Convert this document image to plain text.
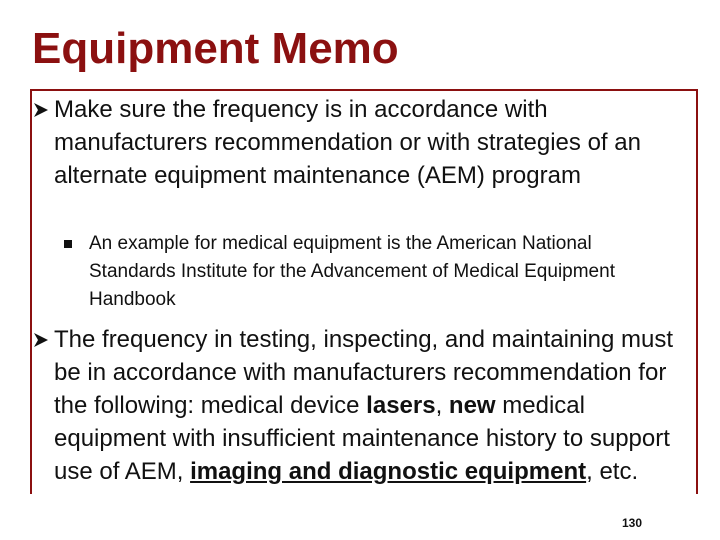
Equipment Memo
Make sure the frequency is in accordance with manufacturers recommendation or with strategies of an alternate equipment maintenance (AEM) program
An example for medical equipment is the American National Standards Institute for the Advancement of Medical Equipment Handbook
The frequency in testing, inspecting, and maintaining must be in accordance with manufacturers recommendation for the following: medical device lasers, new medical equipment with insufficient maintenance history to support use of AEM, imaging and diagnostic equipment, etc.
130
